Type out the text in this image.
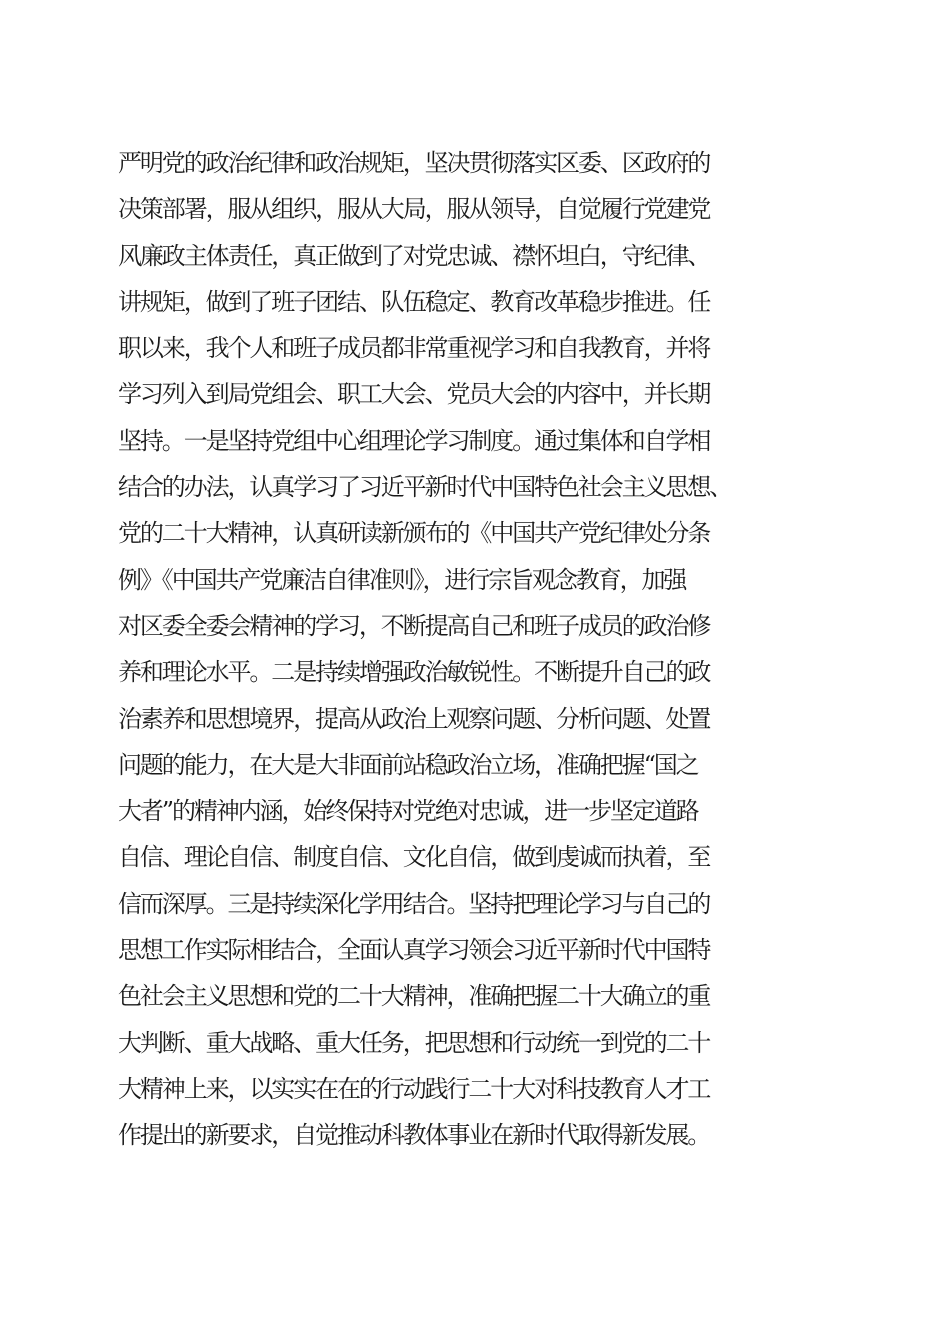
严明党的政治纪律和政治规矩，坚决贯彻落实区委、区政府的
决策部署，服从组织，服从大局，服从领导，自觉履行党建党
风廉政主体责任，真正做到了对党忠诚、襟怀坦白，守纪律、
讲规矩，做到了班子团结、队伍稳定、教育改革稳步推进。任
职以来，我个人和班子成员都非常重视学习和自我教育，并将
学习列入到局党组会、职工大会、党员大会的内容中，并长期
坚持。一是坚持党组中心组理论学习制度。通过集体和自学相
结合的办法，认真学习了习近平新时代中国特色社会主义思想、
党的二十大精神，认真研读新颁布的《中国共产党纪律处分条
例》《中国共产党廉洁自律准则》，进行宗旨观念教育，加强
对区委全委会精神的学习，不断提高自己和班子成员的政治修
养和理论水平。二是持续增强政治敏锐性。不断提升自己的政
治素养和思想境界，提高从政治上观察问题、分析问题、处置
问题的能力，在大是大非面前站稳政治立场，准确把握“国之
大者”的精神内涵，始终保持对党绝对忠诚，进一步坚定道路
自信、理论自信、制度自信、文化自信，做到虔诚而执着，至
信而深厚。三是持续深化学用结合。坚持把理论学习与自己的
思想工作实际相结合，全面认真学习领会习近平新时代中国特
色社会主义思想和党的二十大精神，准确把握二十大确立的重
大判断、重大战略、重大任务，把思想和行动统一到党的二十
大精神上来，以实实在在的行动践行二十大对科技教育人才工
作提出的新要求，自觉推动科教体事业在新时代取得新发展。
